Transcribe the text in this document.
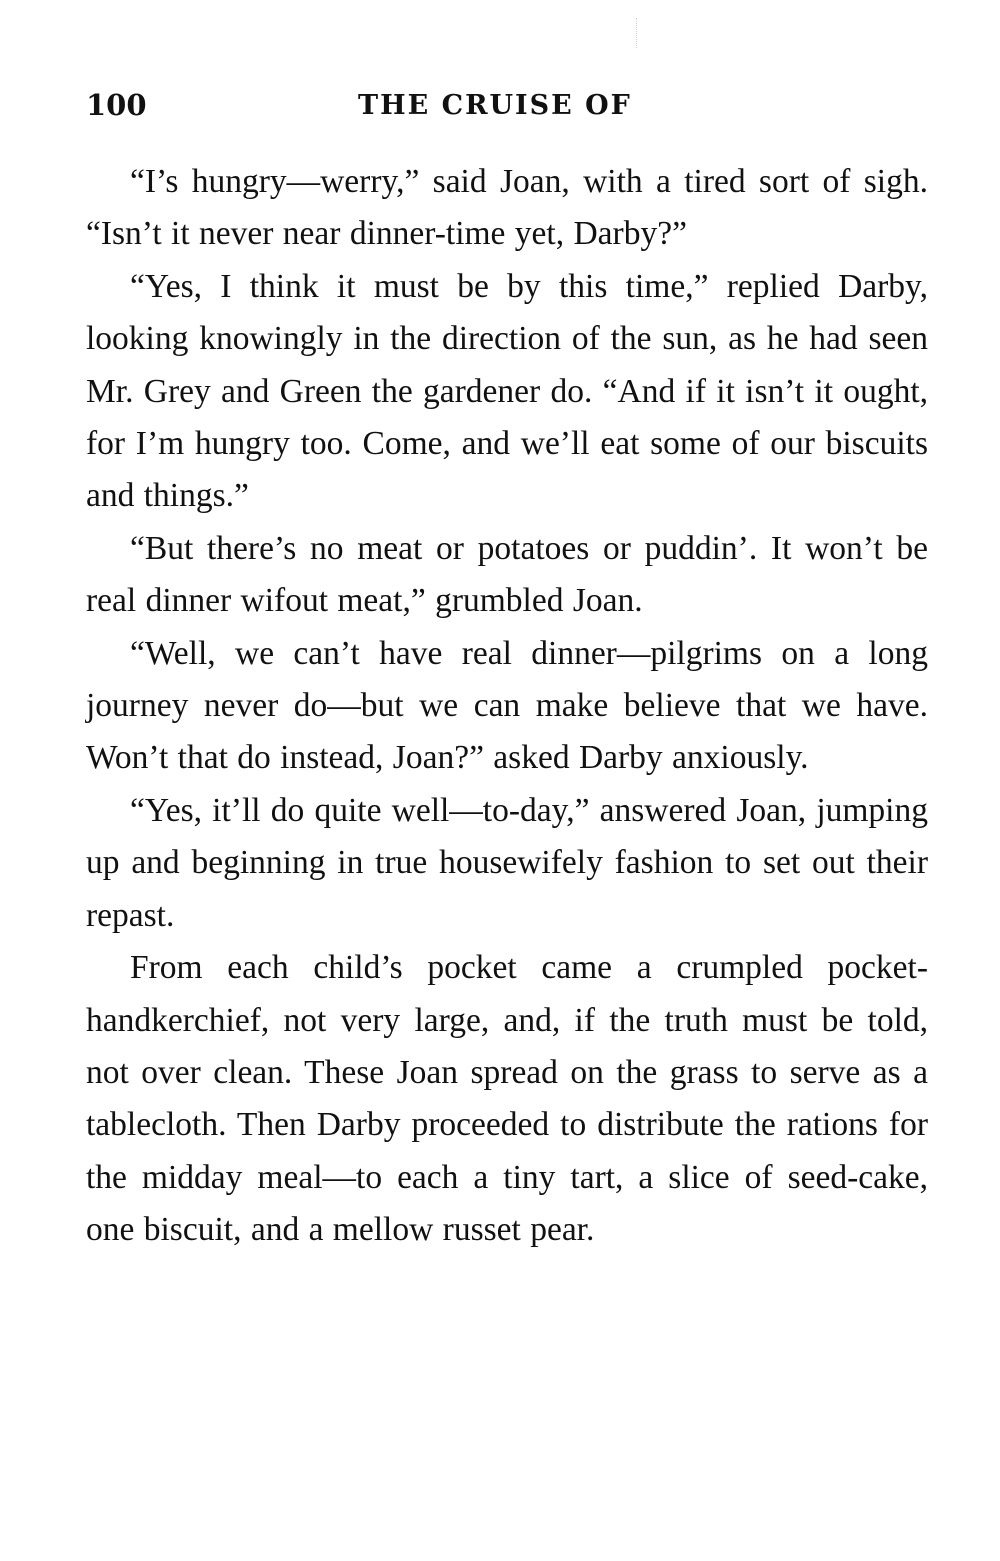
100	THE CRUISE OF

“I’s hungry—werry,” said Joan, with a tired sort of sigh. “Isn’t it never near dinner-time yet, Darby?”

“Yes, I think it must be by this time,” replied Darby, looking knowingly in the direction of the sun, as he had seen Mr. Grey and Green the gardener do. “And if it isn’t it ought, for I’m hungry too. Come, and we’ll eat some of our biscuits and things.”

“But there’s no meat or potatoes or puddin’. It won’t be real dinner wifout meat,” grumbled Joan.

“Well, we can’t have real dinner—pilgrims on a long journey never do—but we can make believe that we have. Won’t that do instead, Joan?” asked Darby anxiously.

“Yes, it’ll do quite well—to-day,” answered Joan, jumping up and beginning in true housewifely fashion to set out their repast.

From each child’s pocket came a crumpled pocket-handkerchief, not very large, and, if the truth must be told, not over clean. These Joan spread on the grass to serve as a tablecloth. Then Darby proceeded to distribute the rations for the midday meal—to each a tiny tart, a slice of seed-cake, one biscuit, and a mellow russet pear.
